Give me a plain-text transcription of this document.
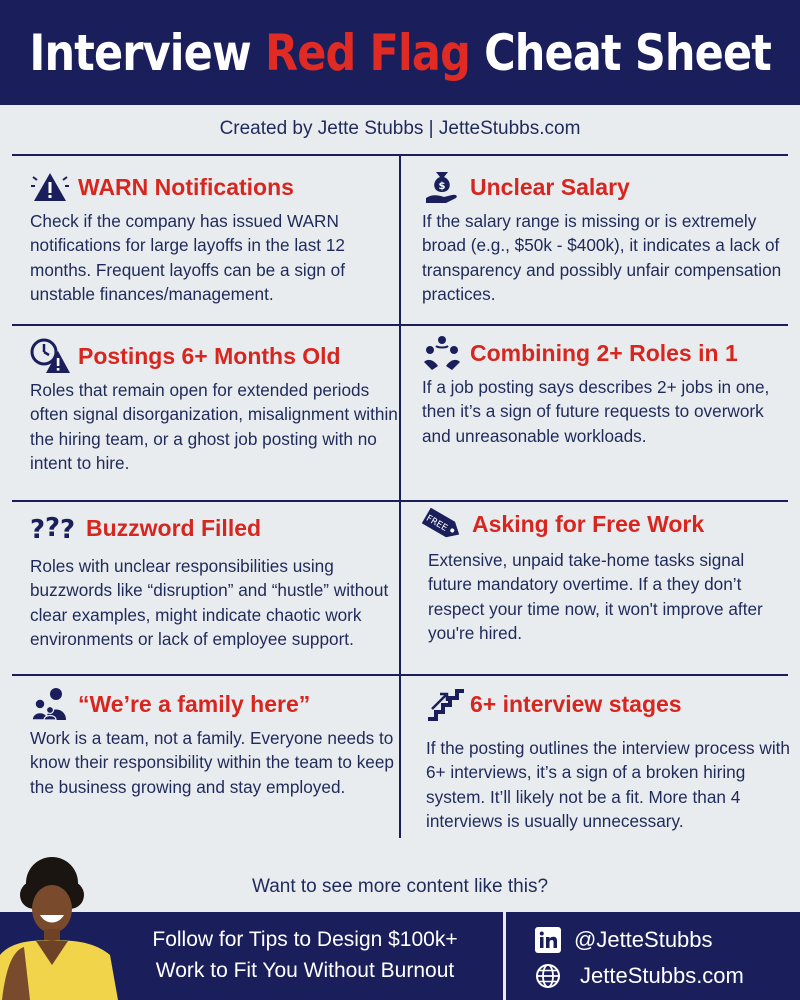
Interview Red Flag Cheat Sheet
Created by Jette Stubbs | JetteStubbs.com
WARN Notifications
Check if the company has issued WARN notifications for large layoffs in the last 12 months. Frequent layoffs can be a sign of unstable finances/management.
$ Unclear Salary
If the salary range is missing or is extremely broad (e.g., $50k - $400k), it indicates a lack of transparency and possibly unfair compensation practices.
Postings 6+ Months Old
Roles that remain open for extended periods often signal disorganization, misalignment within the hiring team, or a ghost job posting with no intent to hire.
Combining 2+ Roles in 1
If a job posting says describes 2+ jobs in one, then it’s a sign of future requests to overwork and unreasonable workloads.
? ? ? Buzzword Filled
Roles with unclear responsibilities using buzzwords like “disruption” and “hustle” without clear examples, might indicate chaotic work environments or lack of employee support.
FREE Asking for Free Work
Extensive, unpaid take-home tasks signal future mandatory overtime. If a they don’t respect your time now, it won't improve after you're hired.
“We’re a family here”
Work is a team, not a family. Everyone needs to know their responsibility within the team to keep the business growing and stay employed.
6+ interview stages
If the posting outlines the interview process with 6+ interviews, it’s a sign of a broken hiring system. It’ll likely not be a fit. More than 4 interviews is usually unnecessary.
Want to see more content like this?
Follow for Tips to Design $100k+
Work to Fit You Without Burnout
@JetteStubbs
JetteStubbs.com
